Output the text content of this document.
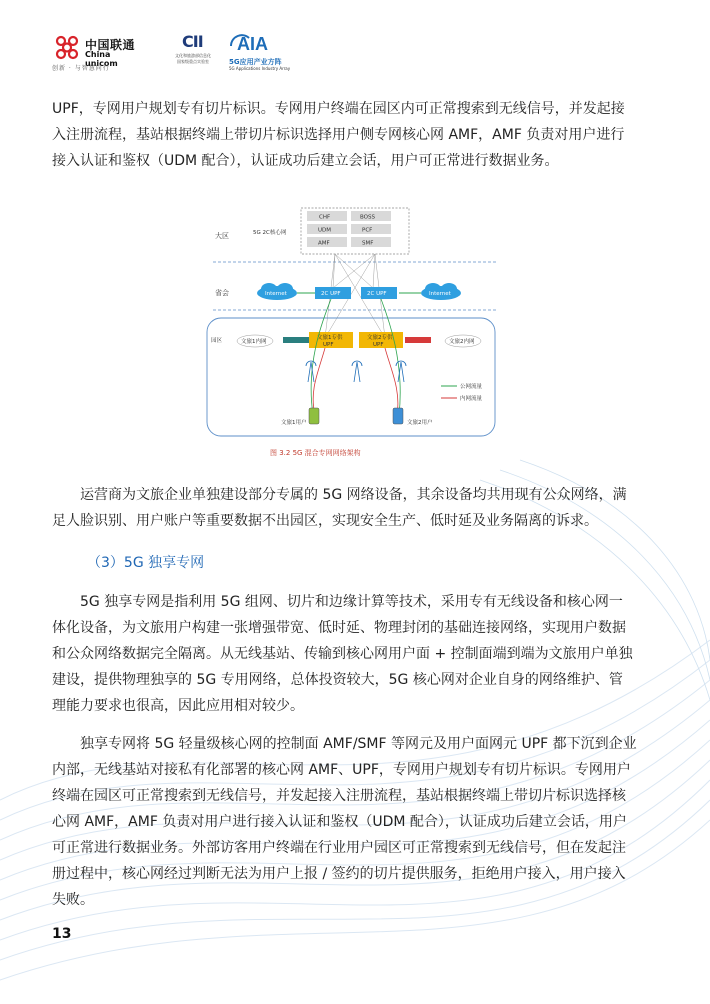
中国联通
China unicom
创新 · 与智慧同行
CII
文化和旅游部信息化
国家级重点实验室
AIA
5G应用产业方阵
5G Applications Industry Array

UPF，专网用户规划专有切片标识。专网用户终端在园区内可正常搜索到无线信号，并发起接
入注册流程，基站根据终端上带切片标识选择用户侧专网核心网 AMF，AMF 负责对用户进行
接入认证和鉴权（UDM 配合），认证成功后建立会话，用户可正常进行数据业务。

大区
省会
园区
5G 2C核心网
CHF	BOSS
UDM	PCF
AMF	SMF
Internet	Internet
2C UPF	2C UPF
文旅1内网	文旅2内网
文旅1专供
UPF
文旅2专供
UPF
文旅1用户	文旅2用户
公网流量
内网流量
图 3.2 5G 混合专网网络架构

　　运营商为文旅企业单独建设部分专属的 5G 网络设备，其余设备均共用现有公众网络，满
足人脸识别、用户账户等重要数据不出园区，实现安全生产、低时延及业务隔离的诉求。

（3）5G 独享专网

　　5G 独享专网是指利用 5G 组网、切片和边缘计算等技术，采用专有无线设备和核心网一
体化设备，为文旅用户构建一张增强带宽、低时延、物理封闭的基础连接网络，实现用户数据
和公众网络数据完全隔离。从无线基站、传输到核心网用户面 + 控制面端到端为文旅用户单独
建设，提供物理独享的 5G 专用网络，总体投资较大，5G 核心网对企业自身的网络维护、管
理能力要求也很高，因此应用相对较少。

　　独享专网将 5G 轻量级核心网的控制面 AMF/SMF 等网元及用户面网元 UPF 都下沉到企业
内部，无线基站对接私有化部署的核心网 AMF、UPF，专网用户规划专有切片标识。专网用户
终端在园区可正常搜索到无线信号，并发起接入注册流程，基站根据终端上带切片标识选择核
心网 AMF，AMF 负责对用户进行接入认证和鉴权（UDM 配合），认证成功后建立会话，用户
可正常进行数据业务。外部访客用户终端在行业用户园区可正常搜索到无线信号，但在发起注
册过程中，核心网经过判断无法为用户上报 / 签约的切片提供服务，拒绝用户接入，用户接入
失败。

13
